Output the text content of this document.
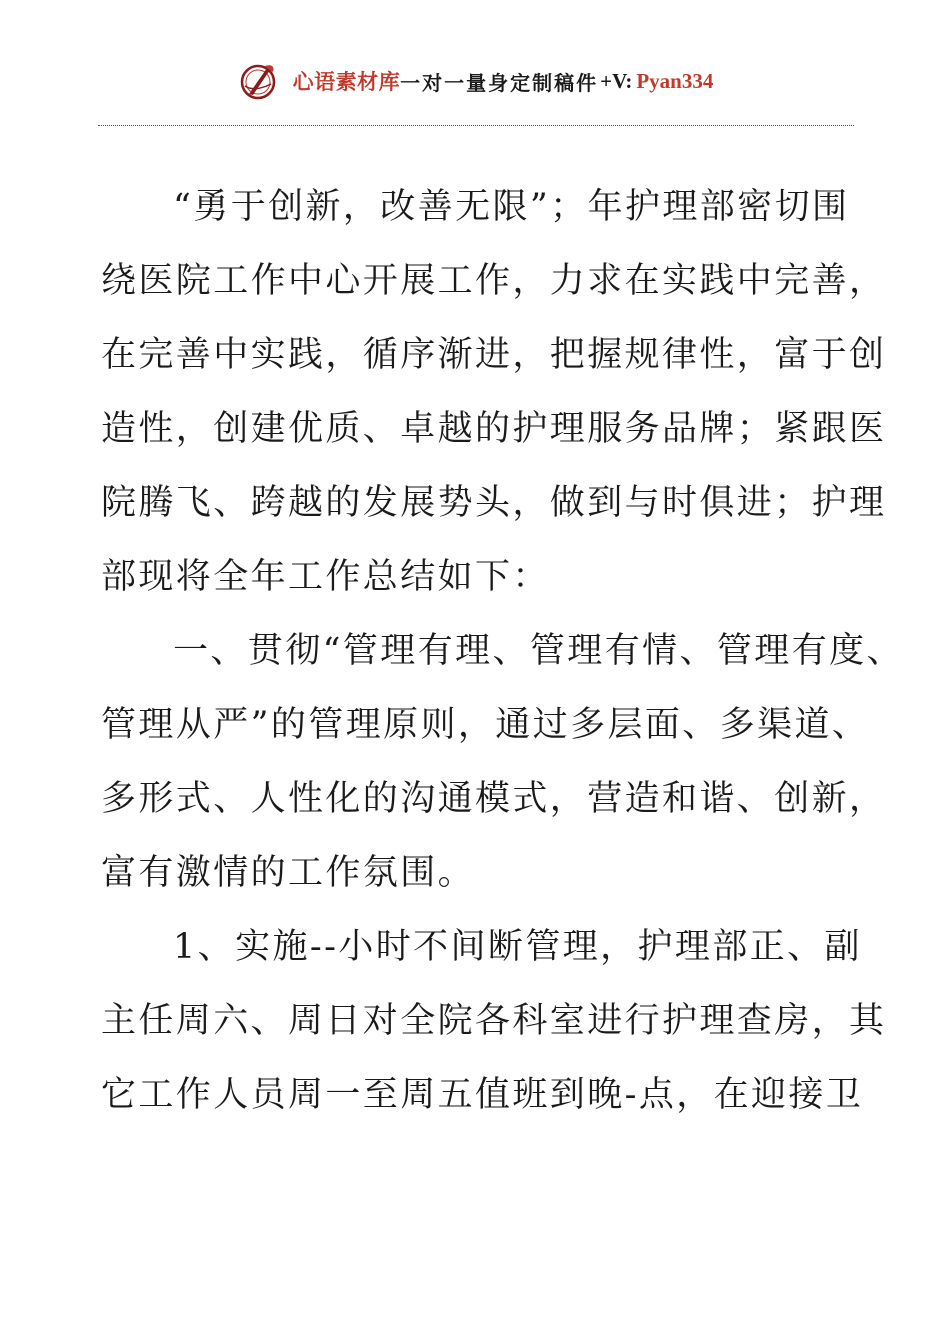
心语素材库 一对一量身定制稿件 +V: Pyan334
“勇于创新，改善无限”；年护理部密切围
绕医院工作中心开展工作，力求在实践中完善，
在完善中实践，循序渐进，把握规律性，富于创
造性，创建优质、卓越的护理服务品牌；紧跟医
院腾飞、跨越的发展势头，做到与时俱进；护理
部现将全年工作总结如下：
一、贯彻“管理有理、管理有情、管理有度、
管理从严”的管理原则，通过多层面、多渠道、
多形式、人性化的沟通模式，营造和谐、创新，
富有激情的工作氛围。
1、实施--小时不间断管理，护理部正、副
主任周六、周日对全院各科室进行护理查房，其
它工作人员周一至周五值班到晚-点，在迎接卫
